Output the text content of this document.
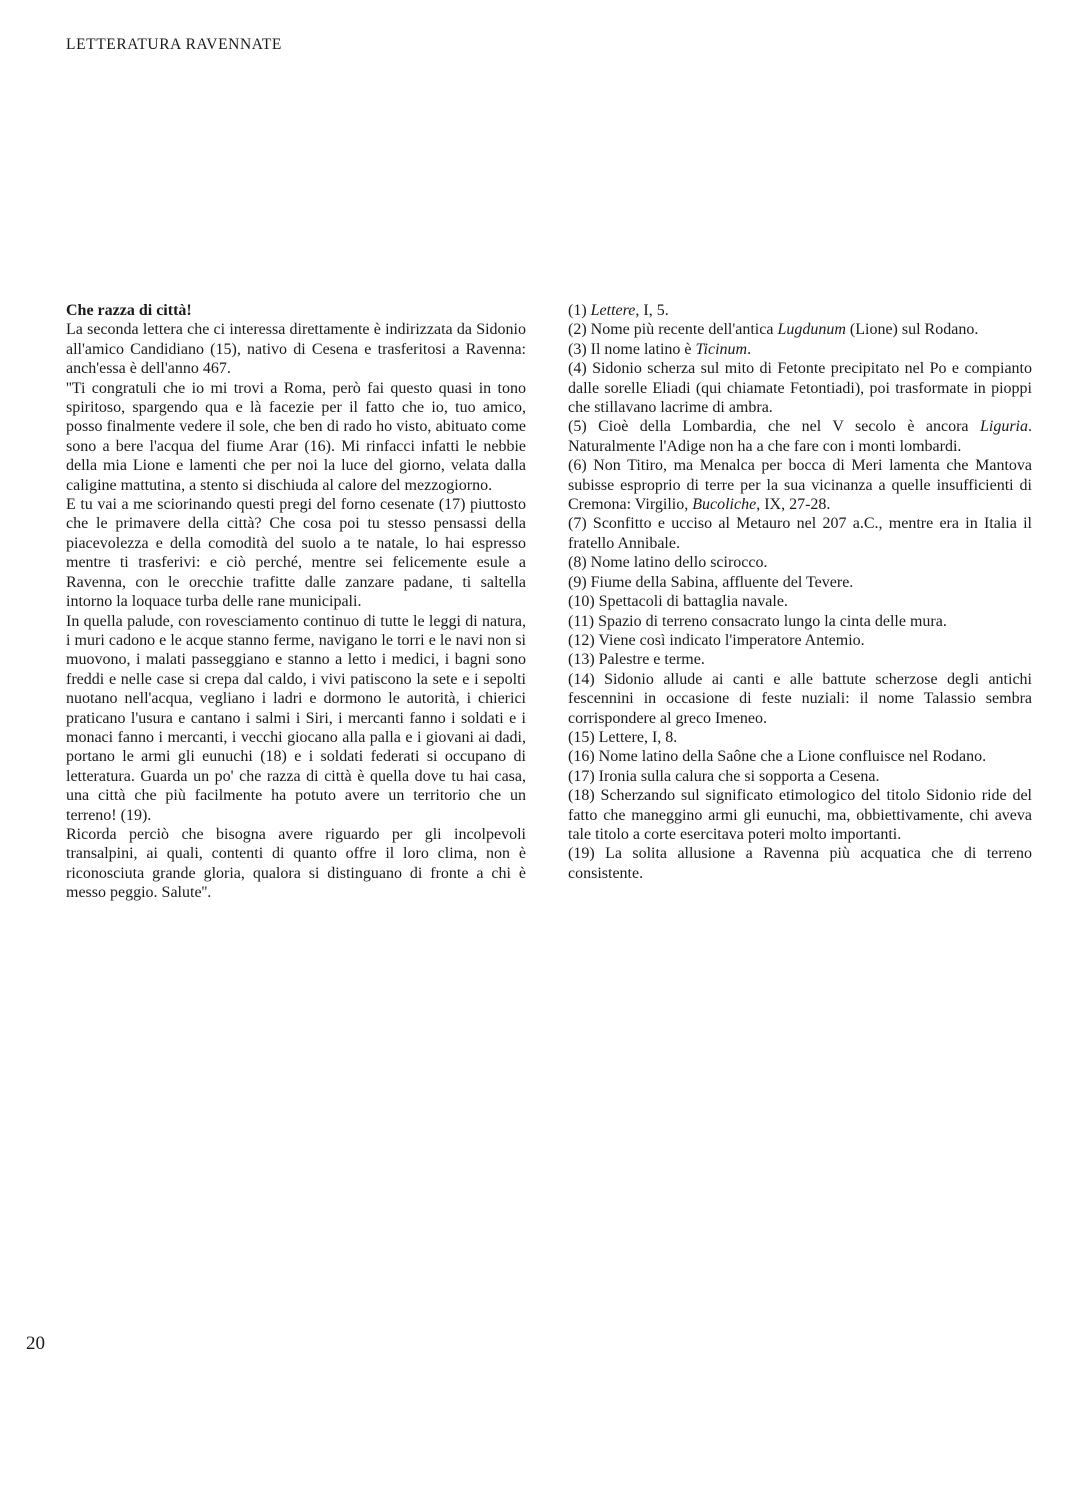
LETTERATURA RAVENNATE
Che razza di città!
La seconda lettera che ci interessa direttamente è indirizzata da Sidonio all'amico Candidiano (15), nativo di Cesena e trasferitosi a Ravenna: anch'essa è dell'anno 467.
''Ti congratuli che io mi trovi a Roma, però fai questo quasi in tono spiritoso, spargendo qua e là facezie per il fatto che io, tuo amico, posso finalmente vedere il sole, che ben di rado ho visto, abituato come sono a bere l'acqua del fiume Arar (16). Mi rinfacci infatti le nebbie della mia Lione e lamenti che per noi la luce del giorno, velata dalla caligine mattutina, a stento si dischiuda al calore del mezzogiorno.
E tu vai a me sciorinando questi pregi del forno cesenate (17) piuttosto che le primavere della città? Che cosa poi tu stesso pensassi della piacevolezza e della comodità del suolo a te natale, lo hai espresso mentre ti trasferivi: e ciò perché, mentre sei felicemente esule a Ravenna, con le orecchie trafitte dalle zanzare padane, ti saltella intorno la loquace turba delle rane municipali.
In quella palude, con rovesciamento continuo di tutte le leggi di natura, i muri cadono e le acque stanno ferme, navigano le torri e le navi non si muovono, i malati passeggiano e stanno a letto i medici, i bagni sono freddi e nelle case si crepa dal caldo, i vivi patiscono la sete e i sepolti nuotano nell'acqua, vegliano i ladri e dormono le autorità, i chierici praticano l'usura e cantano i salmi i Siri, i mercanti fanno i soldati e i monaci fanno i mercanti, i vecchi giocano alla palla e i giovani ai dadi, portano le armi gli eunuchi (18) e i soldati federati si occupano di letteratura. Guarda un po' che razza di città è quella dove tu hai casa, una città che più facilmente ha potuto avere un territorio che un terreno! (19).
Ricorda perciò che bisogna avere riguardo per gli incolpevoli transalpini, ai quali, contenti di quanto offre il loro clima, non è riconosciuta grande gloria, qualora si distinguano di fronte a chi è messo peggio. Salute''.
(1) Lettere, I, 5.
(2) Nome più recente dell'antica Lugdunum (Lione) sul Rodano.
(3) Il nome latino è Ticinum.
(4) Sidonio scherza sul mito di Fetonte precipitato nel Po e compianto dalle sorelle Eliadi (qui chiamate Fetontiadi), poi trasformate in pioppi che stillavano lacrime di ambra.
(5) Cioè della Lombardia, che nel V secolo è ancora Liguria. Naturalmente l'Adige non ha a che fare con i monti lombardi.
(6) Non Titiro, ma Menalca per bocca di Meri lamenta che Mantova subisse esproprio di terre per la sua vicinanza a quelle insufficienti di Cremona: Virgilio, Bucoliche, IX, 27-28.
(7) Sconfitto e ucciso al Metauro nel 207 a.C., mentre era in Italia il fratello Annibale.
(8) Nome latino dello scirocco.
(9) Fiume della Sabina, affluente del Tevere.
(10) Spettacoli di battaglia navale.
(11) Spazio di terreno consacrato lungo la cinta delle mura.
(12) Viene così indicato l'imperatore Antemio.
(13) Palestre e terme.
(14) Sidonio allude ai canti e alle battute scherzose degli antichi fescennini in occasione di feste nuziali: il nome Talassio sembra corrispondere al greco Imeneo.
(15) Lettere, I, 8.
(16) Nome latino della Saône che a Lione confluisce nel Rodano.
(17) Ironia sulla calura che si sopporta a Cesena.
(18) Scherzando sul significato etimologico del titolo Sidonio ride del fatto che maneggino armi gli eunuchi, ma, obbiettivamente, chi aveva tale titolo a corte esercitava poteri molto importanti.
(19) La solita allusione a Ravenna più acquatica che di terreno consistente.
20
